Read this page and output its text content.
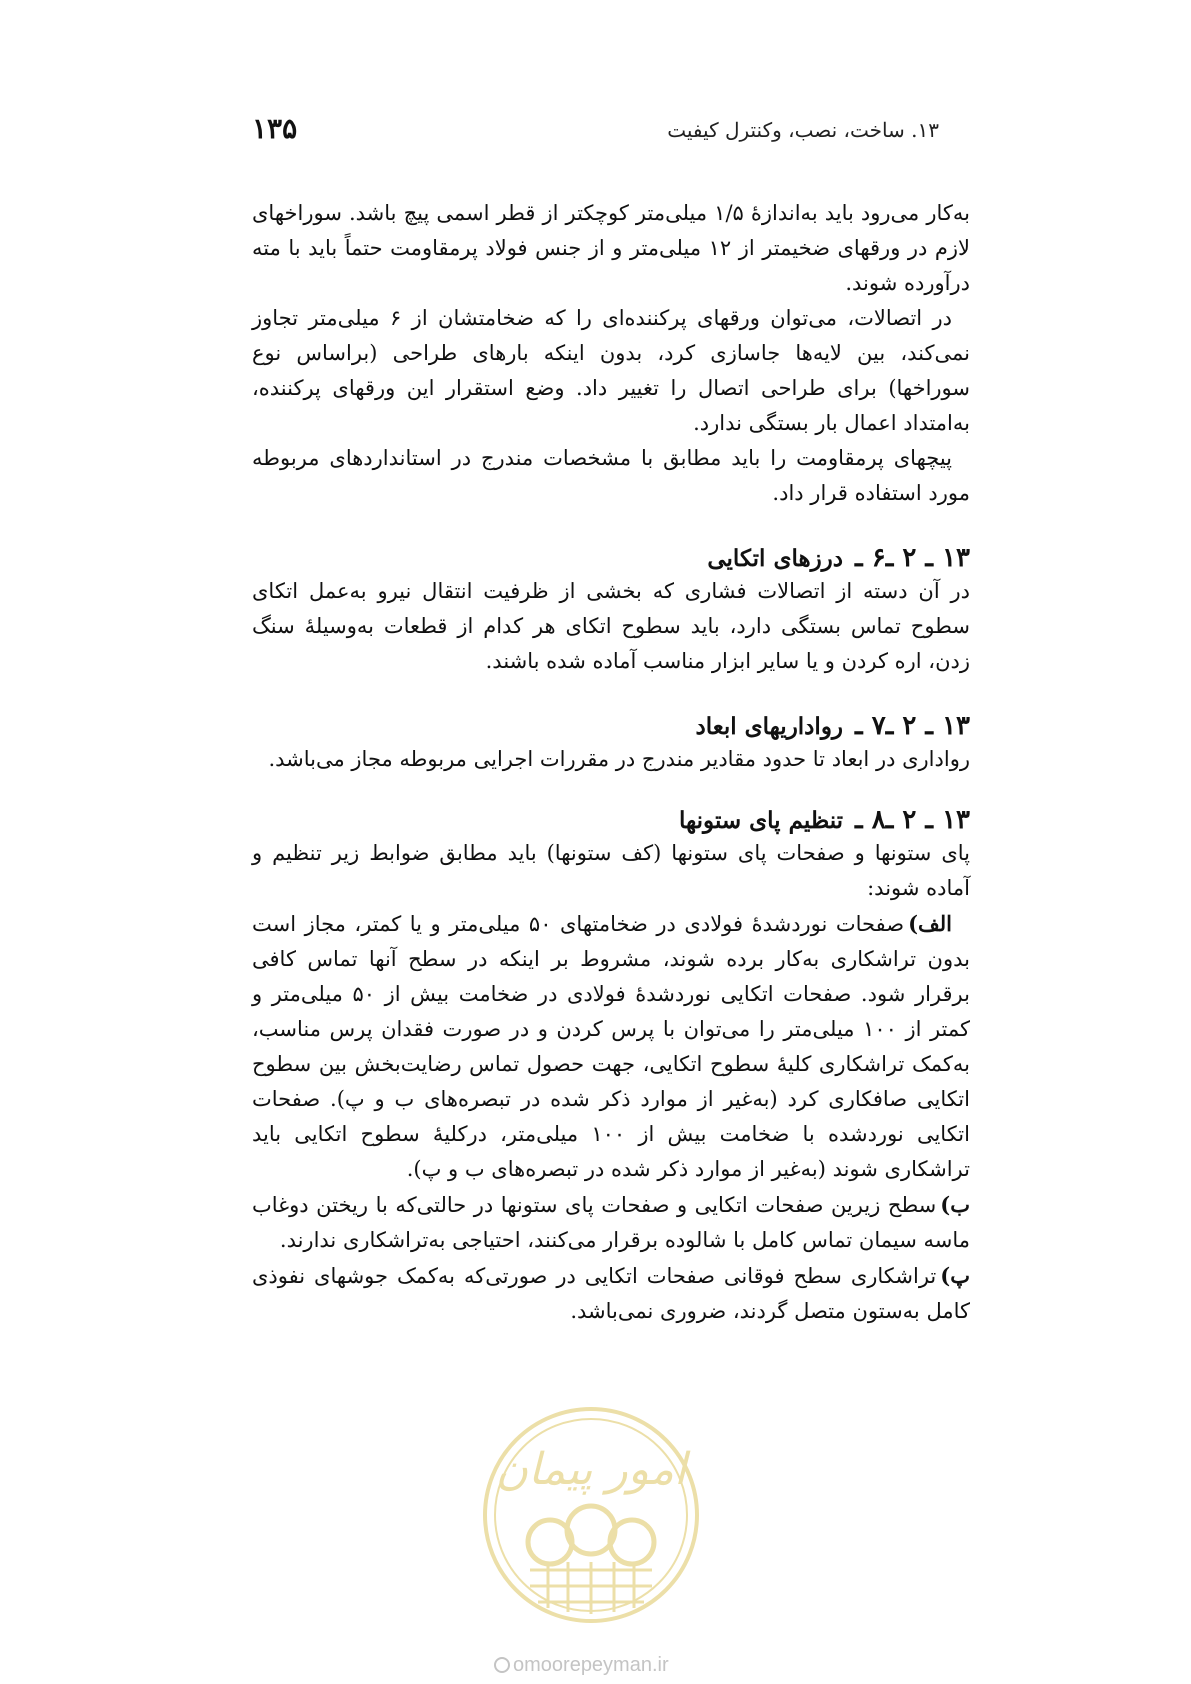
۱۳. ساخت، نصب، وکنترل کیفیت
۱۳۵

به‌کار می‌رود باید به‌اندازهٔ ۱/۵ میلی‌متر کوچکتر از قطر اسمی پیچ باشد. سوراخهای لازم در ورقهای ضخیمتر از ۱۲ میلی‌متر و از جنس فولاد پرمقاومت حتماً باید با مته درآورده شوند.

در اتصالات، می‌توان ورقهای پرکننده‌ای را که ضخامتشان از ۶ میلی‌متر تجاوز نمی‌کند، بین لایه‌ها جاسازی کرد، بدون اینکه بارهای طراحی (براساس نوع سوراخها) برای طراحی اتصال را تغییر داد. وضع استقرار این ورقهای پرکننده، به‌امتداد اعمال بار بستگی ندارد.

پیچهای پرمقاومت را باید مطابق با مشخصات مندرج در استانداردهای مربوطه مورد استفاده قرار داد.

۱۳ ـ ۲ ـ۶ ـدرزهای اتکایی

در آن دسته از اتصالات فشاری که بخشی از ظرفیت انتقال نیرو به‌عمل اتکای سطوح تماس بستگی دارد، باید سطوح اتکای هر کدام از قطعات به‌وسیلهٔ سنگ زدن، اره کردن و یا سایر ابزار مناسب آماده شده باشند.

۱۳ ـ ۲ ـ۷ ـرواداریهای ابعاد

رواداری در ابعاد تا حدود مقادیر مندرج در مقررات اجرایی مربوطه مجاز می‌باشد.

۱۳ ـ ۲ ـ۸ ـتنظیم پای ستونها

پای ستونها و صفحات پای ستونها (کف ستونها) باید مطابق ضوابط زیر تنظیم و آماده شوند:

الف)صفحات نوردشدهٔ فولادی در ضخامتهای ۵۰ میلی‌متر و یا کمتر، مجاز است بدون تراشکاری به‌کار برده شوند، مشروط بر اینکه در سطح آنها تماس کافی برقرار شود. صفحات اتکایی نوردشدهٔ فولادی در ضخامت بیش از ۵۰ میلی‌متر و کمتر از ۱۰۰ میلی‌متر را می‌توان با پرس کردن و در صورت فقدان پرس مناسب، به‌کمک تراشکاری کلیهٔ سطوح اتکایی، جهت حصول تماس رضایت‌بخش بین سطوح اتکایی صافکاری کرد (به‌غیر از موارد ذکر شده در تبصره‌های ب و پ). صفحات اتکایی نوردشده با ضخامت بیش از ۱۰۰ میلی‌متر، درکلیهٔ سطوح اتکایی باید تراشکاری شوند (به‌غیر از موارد ذکر شده در تبصره‌های ب و پ).

ب)سطح زیرین صفحات اتکایی و صفحات پای ستونها در حالتی‌که با ریختن دوغاب ماسه سیمان تماس کامل با شالوده برقرار می‌کنند، احتیاجی به‌تراشکاری ندارند.

پ)تراشکاری سطح فوقانی صفحات اتکایی در صورتی‌که به‌کمک جوشهای نفوذی کامل به‌ستون متصل گردند، ضروری نمی‌باشد.

امور پیمان
omoorepeyman.ir
